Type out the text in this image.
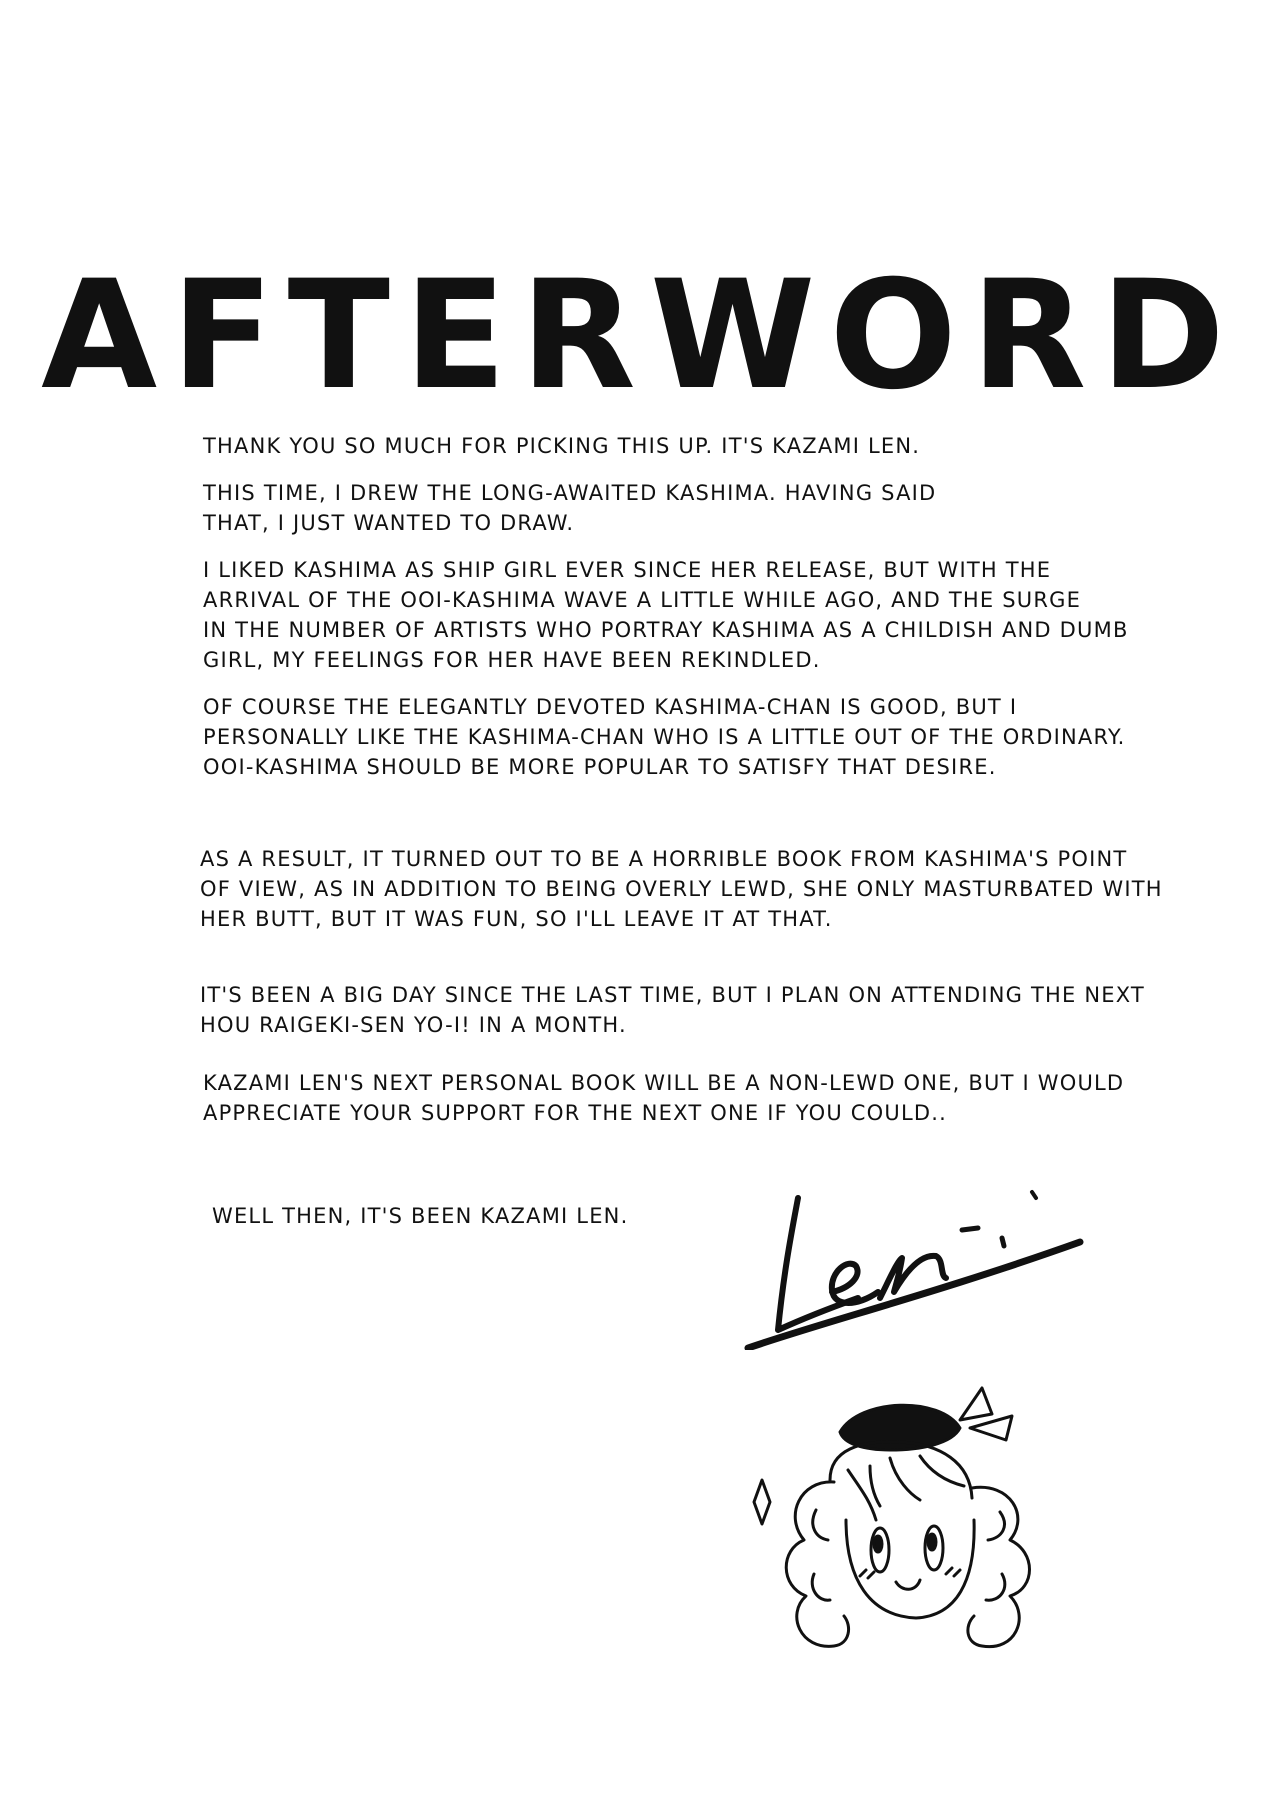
AFTERWORD

THANK YOU SO MUCH FOR PICKING THIS UP. IT'S KAZAMI LEN.

THIS TIME, I DREW THE LONG-AWAITED KASHIMA. HAVING SAID
THAT, I JUST WANTED TO DRAW.

I LIKED KASHIMA AS SHIP GIRL EVER SINCE HER RELEASE, BUT WITH THE
ARRIVAL OF THE OOI-KASHIMA WAVE A LITTLE WHILE AGO, AND THE SURGE
IN THE NUMBER OF ARTISTS WHO PORTRAY KASHIMA AS A CHILDISH AND DUMB
GIRL, MY FEELINGS FOR HER HAVE BEEN REKINDLED.

OF COURSE THE ELEGANTLY DEVOTED KASHIMA-CHAN IS GOOD, BUT I
PERSONALLY LIKE THE KASHIMA-CHAN WHO IS A LITTLE OUT OF THE ORDINARY.
OOI-KASHIMA SHOULD BE MORE POPULAR TO SATISFY THAT DESIRE.

AS A RESULT, IT TURNED OUT TO BE A HORRIBLE BOOK FROM KASHIMA'S POINT
OF VIEW, AS IN ADDITION TO BEING OVERLY LEWD, SHE ONLY MASTURBATED WITH
HER BUTT, BUT IT WAS FUN, SO I'LL LEAVE IT AT THAT.

IT'S BEEN A BIG DAY SINCE THE LAST TIME, BUT I PLAN ON ATTENDING THE NEXT
HOU RAIGEKI-SEN YO-I! IN A MONTH.

KAZAMI LEN'S NEXT PERSONAL BOOK WILL BE A NON-LEWD ONE, BUT I WOULD
APPRECIATE YOUR SUPPORT FOR THE NEXT ONE IF YOU COULD..

WELL THEN, IT'S BEEN KAZAMI LEN.
